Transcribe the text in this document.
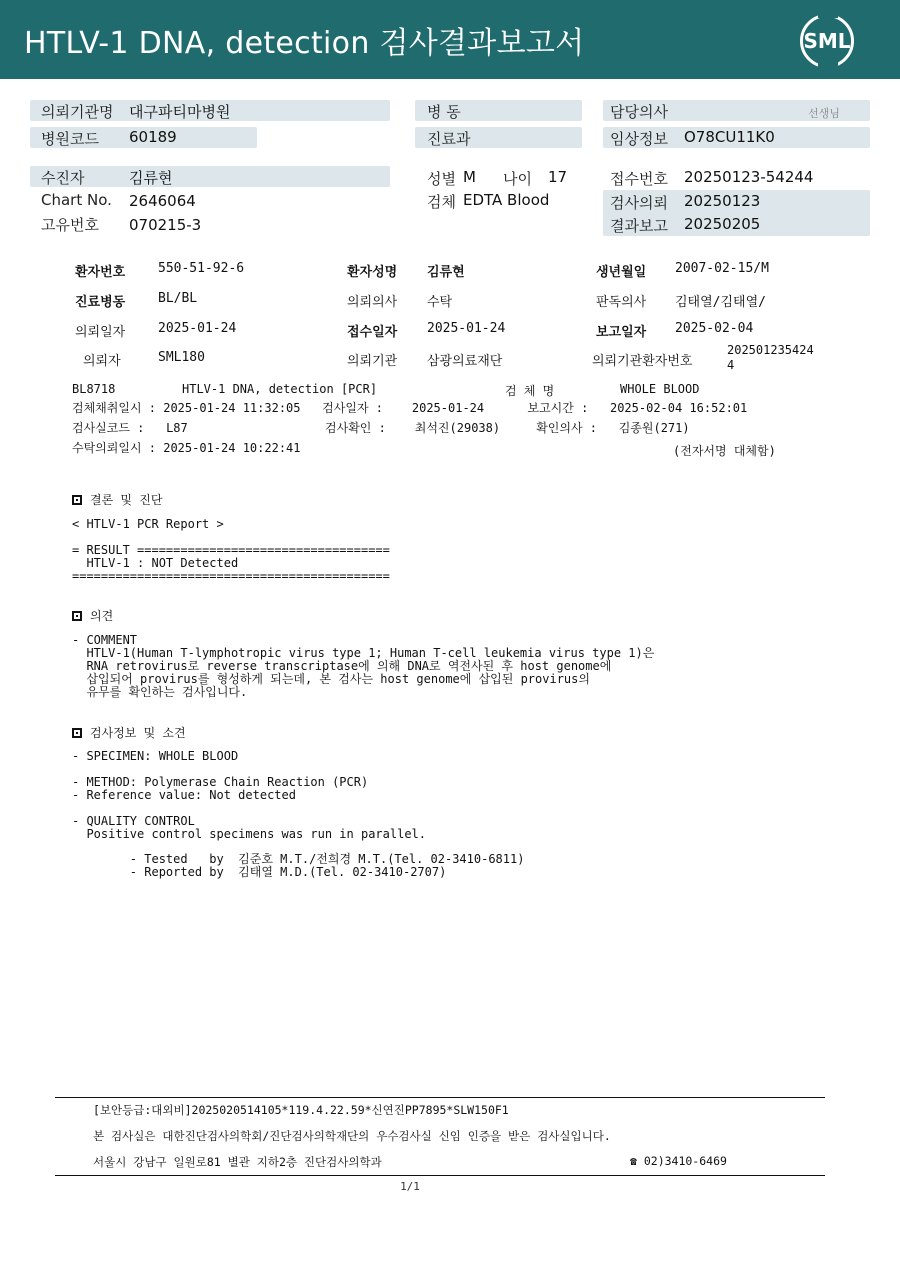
HTLV-1 DNA, detection 검사결과보고서	SML
의뢰기관명 대구파티마병원
병원코드 60189
병 동
진료과
담당의사	선생님
임상정보 O78CU11K0
수진자	김류현
Chart No. 2646064
고유번호 070215-3
성별 M 나이 17
검체 EDTA Blood
접수번호 20250123-54244
검사의뢰 20250123
결과보고 20250205
환자번호	550-51-92-6	환자성명 김류현	생년월일 2007-02-15/M
진료병동	BL/BL	의뢰의사 수탁	판독의사 김태열/김태열/
의뢰일자	2025-01-24	접수일자 2025-01-24	보고일자 2025-02-04
의뢰자	SML180	의뢰기관 삼광의료재단	의뢰기관환자번호
202501235424
4
BL8718	HTLV-1 DNA, detection [PCR]	검 체 명	WHOLE BLOOD
검체채취일시 : 2025-01-24 11:32:05   검사일자 :    2025-01-24      보고시간 :   2025-02-04 16:52:01
검사실코드 :   L87                   검사확인 :    최석진(29038)     확인의사 :   김종원(271)
수탁의뢰일시 : 2025-01-24 10:22:41	(전자서명 대체함)
결론 및 진단
< HTLV-1 PCR Report >
= RESULT ===================================
HTLV-1 : NOT Detected
============================================
의견
- COMMENT
HTLV-1(Human T-lymphotropic virus type 1; Human T-cell leukemia virus type 1)은
RNA retrovirus로 reverse transcriptase에 의해 DNA로 역전사된 후 host genome에
삽입되어 provirus를 형성하게 되는데, 본 검사는 host genome에 삽입된 provirus의
유무를 확인하는 검사입니다.
검사정보 및 소견
- SPECIMEN: WHOLE BLOOD
- METHOD: Polymerase Chain Reaction (PCR)
- Reference value: Not detected
- QUALITY CONTROL
Positive control specimens was run in parallel.
- Tested   by  김준호 M.T./전희경 M.T.(Tel. 02-3410-6811)
- Reported by  김태열 M.D.(Tel. 02-3410-2707)
[보안등급:대외비]2025020514105*119.4.22.59*신연진PP7895*SLW150F1
본 검사실은 대한진단검사의학회/진단검사의학재단의 우수검사실 신임 인증을 받은 검사실입니다.
서울시 강남구 일원로81 별관 지하2층 진단검사의학과	☎ 02)3410-6469
1/1
